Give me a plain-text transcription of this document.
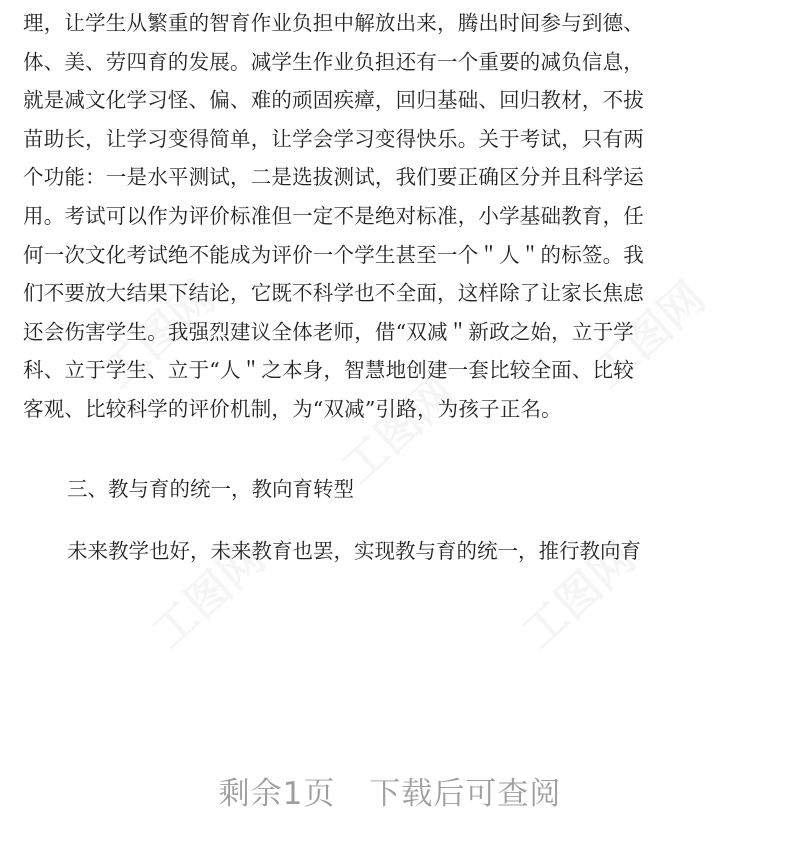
工图网
工图网
工图网
工图网	工图网
理，让学生从繁重的智育作业负担中解放出来，腾出时间参与到德、
体、美、劳四育的发展。减学生作业负担还有一个重要的减负信息，
就是减文化学习怪、偏、难的顽固疾瘴，回归基础、回归教材，不拔
苗助长，让学习变得简单，让学会学习变得快乐。关于考试，只有两
个功能：一是水平测试，二是选拔测试，我们要正确区分并且科学运
用。考试可以作为评价标准但一定不是绝对标准，小学基础教育，任
何一次文化考试绝不能成为评价一个学生甚至一个＂人＂的标签。我
们不要放大结果下结论，它既不科学也不全面，这样除了让家长焦虑
还会伤害学生。我强烈建议全体老师，借“双减＂新政之始，立于学
科、立于学生、立于“人＂之本身，智慧地创建一套比较全面、比较
客观、比较科学的评价机制，为“双减”引路，为孩子正名。
三、教与育的统一，教向育转型

未来教学也好，未来教育也罢，实现教与育的统一，推行教向育

剩余1页 下载后可查阅
